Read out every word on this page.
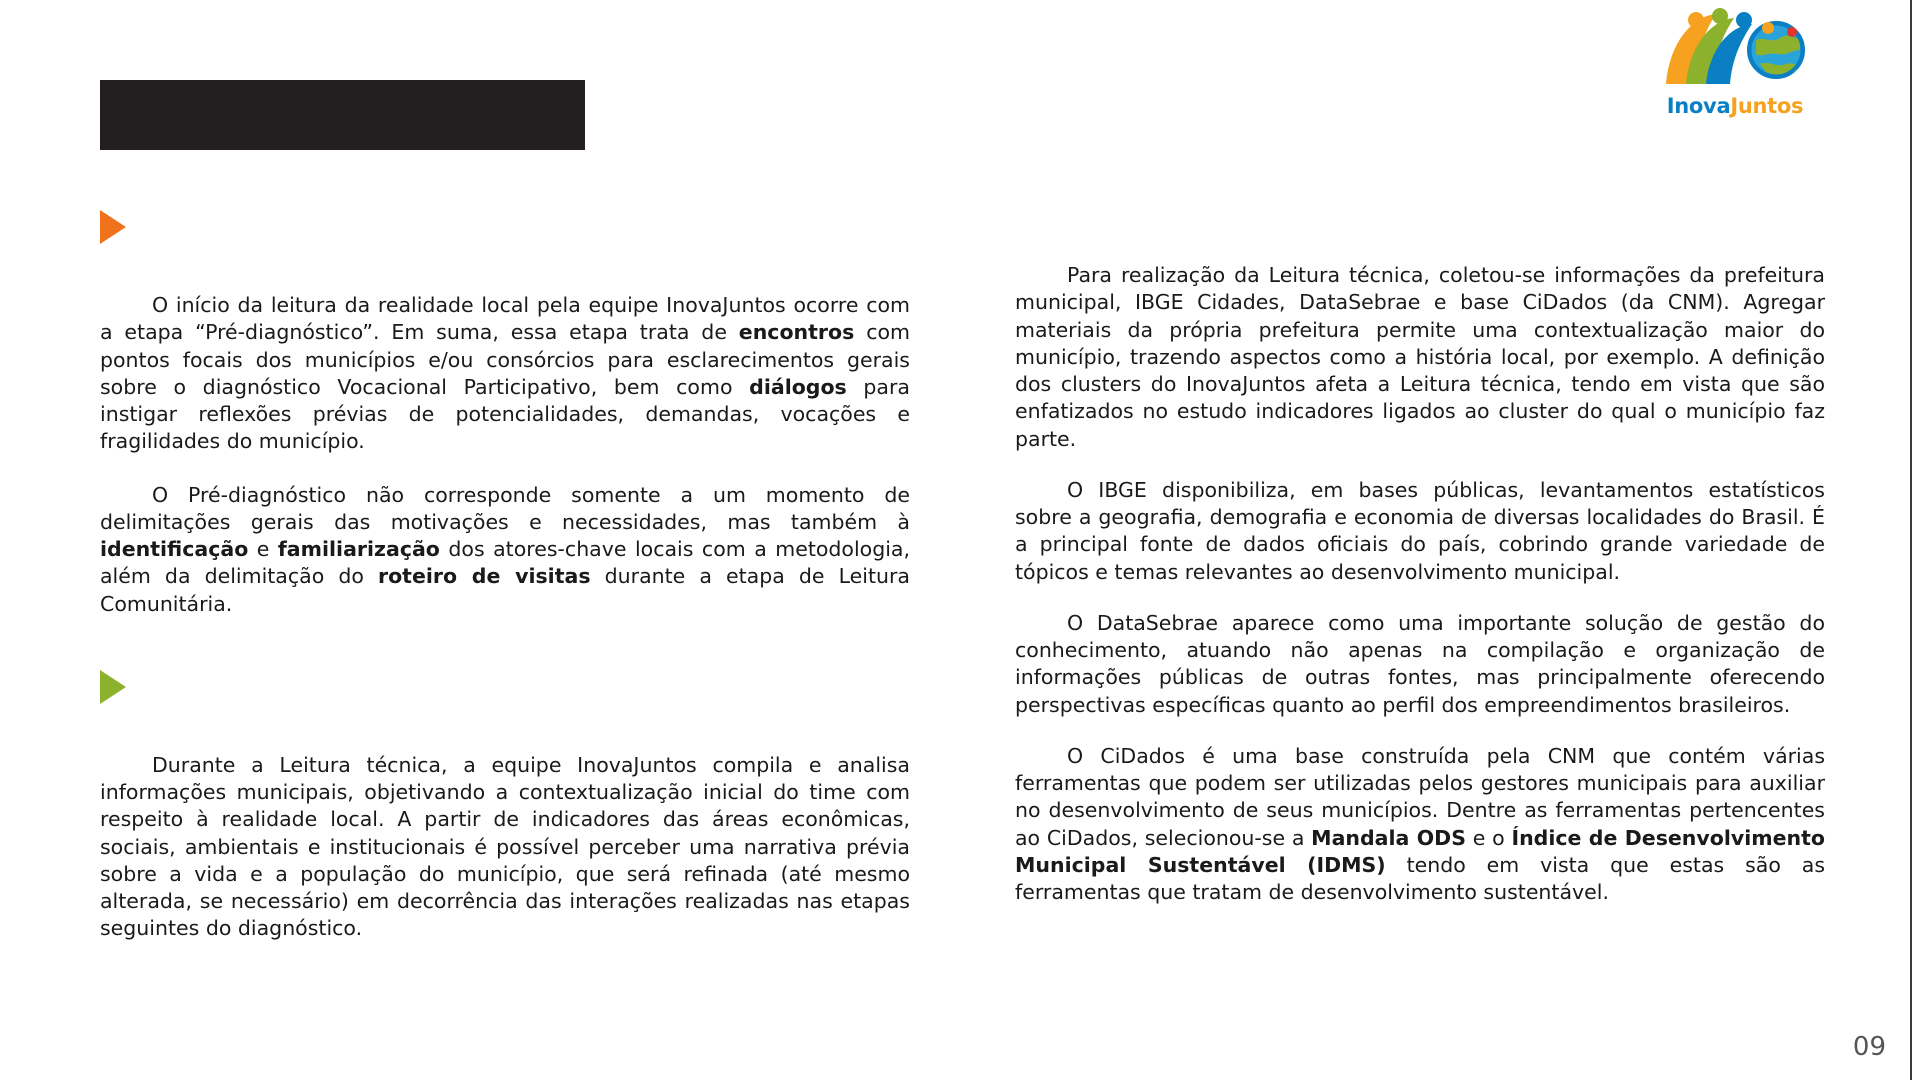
InovaJuntos

O início da leitura da realidade local pela equipe InovaJuntos ocorre com a etapa “Pré-diagnóstico”. Em suma, essa etapa trata de encontros com pontos focais dos municípios e/ou consórcios para esclarecimentos gerais sobre o diagnóstico Vocacional Participativo, bem como diálogos para instigar reflexões prévias de potencialidades, demandas, vocações e fragilidades do município.

O Pré-diagnóstico não corresponde somente a um momento de delimitações gerais das motivações e necessidades, mas também à identificação e familiarização dos atores-chave locais com a metodologia, além da delimitação do roteiro de visitas durante a etapa de Leitura Comunitária.

Durante a Leitura técnica, a equipe InovaJuntos compila e analisa informações municipais, objetivando a contextualização inicial do time com respeito à realidade local. A partir de indicadores das áreas econômicas, sociais, ambientais e institucionais é possível perceber uma narrativa prévia sobre a vida e a população do município, que será refinada (até mesmo alterada, se necessário) em decorrência das interações realizadas nas etapas seguintes do diagnóstico.

Para realização da Leitura técnica, coletou-se informações da prefeitura municipal, IBGE Cidades, DataSebrae e base CiDados (da CNM). Agregar materiais da própria prefeitura permite uma contextualização maior do município, trazendo aspectos como a história local, por exemplo. A definição dos clusters do InovaJuntos afeta a Leitura técnica, tendo em vista que são enfatizados no estudo indicadores ligados ao cluster do qual o município faz parte.

O IBGE disponibiliza, em bases públicas, levantamentos estatísticos sobre a geografia, demografia e economia de diversas localidades do Brasil. É a principal fonte de dados oficiais do país, cobrindo grande variedade de tópicos e temas relevantes ao desenvolvimento municipal.

O DataSebrae aparece como uma importante solução de gestão do conhecimento, atuando não apenas na compilação e organização de informações públicas de outras fontes, mas principalmente oferecendo perspectivas específicas quanto ao perfil dos empreendimentos brasileiros.

O CiDados é uma base construída pela CNM que contém várias ferramentas que podem ser utilizadas pelos gestores municipais para auxiliar no desenvolvimento de seus municípios. Dentre as ferramentas pertencentes ao CiDados, selecionou-se a Mandala ODS e o Índice de Desenvolvimento Municipal Sustentável (IDMS) tendo em vista que estas são as ferramentas que tratam de desenvolvimento sustentável.

09
